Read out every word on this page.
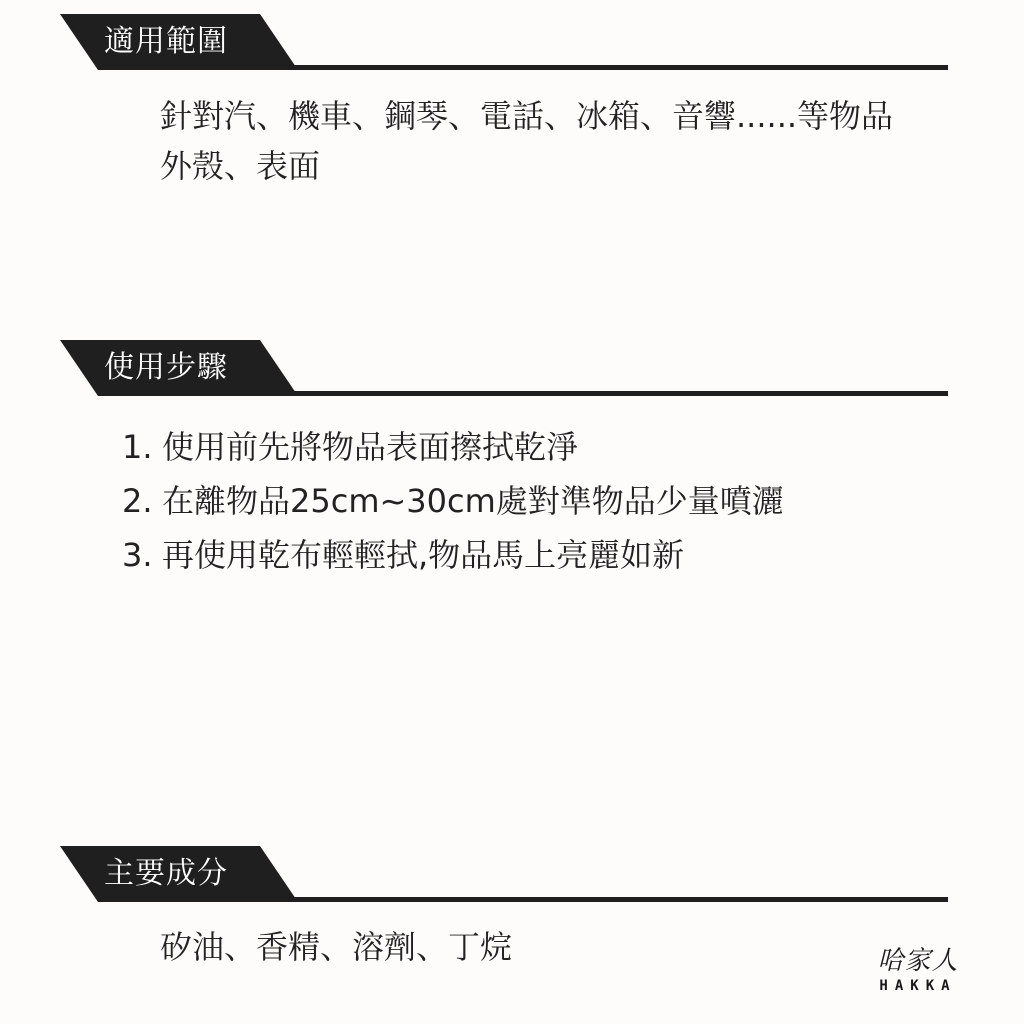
適用範圍
針對汽、機車、鋼琴、電話、冰箱、音響......等物品
外殼、表面
使用步驟
1. 使用前先將物品表面擦拭乾淨
2. 在離物品25cm~30cm處對準物品少量噴灑
3. 再使用乾布輕輕拭,物品馬上亮麗如新
主要成分
矽油、香精、溶劑、丁烷	哈家人
HAKKA
